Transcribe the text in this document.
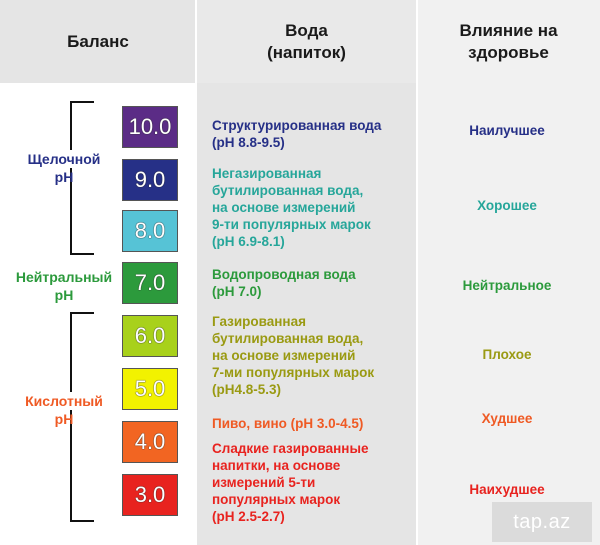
Баланс
Вода
(напиток)
Влияние на
здоровье
Щелочной
pH
Нейтральный
pH
Кислотный
pH
10.0
9.0
8.0
7.0
6.0
5.0
4.0
3.0
Структурированная вода
(pH 8.8-9.5)
Негазированная
бутилированная вода,
на основе измерений
9-ти популярных марок
(pH 6.9-8.1)
Водопроводная вода
(pH 7.0)
Газированная
бутилированная вода,
на основе измерений
7-ми популярных марок
(pH4.8-5.3)
Пиво, вино (pH 3.0-4.5)
Сладкие газированные
напитки, на основе
измерений 5-ти
популярных марок
(pH 2.5-2.7)
Наилучшее
Хорошее
Нейтральное
Плохое
Худшее
Наихудшее
tap.az
